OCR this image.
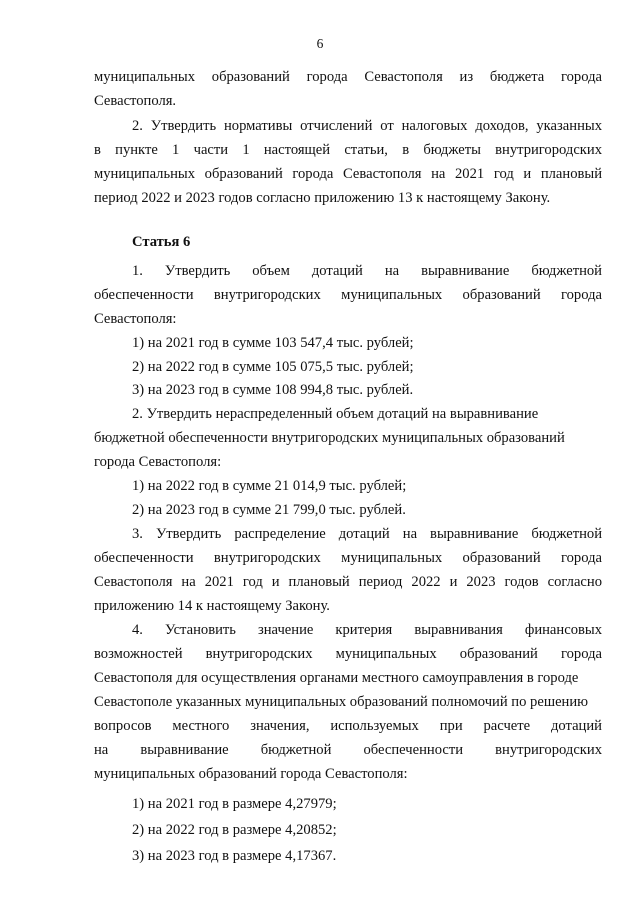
6
муниципальных образований города Севастополя из бюджета города
Севастополя.
2. Утвердить нормативы отчислений от налоговых доходов, указанных
в пункте 1 части 1 настоящей статьи, в бюджеты внутригородских
муниципальных образований города Севастополя на 2021 год и плановый
период 2022 и 2023 годов согласно приложению 13 к настоящему Закону.
Статья 6
1. Утвердить объем дотаций на выравнивание бюджетной
обеспеченности внутригородских муниципальных образований города
Севастополя:
1) на 2021 год в сумме 103 547,4 тыс. рублей;
2) на 2022 год в сумме 105 075,5 тыс. рублей;
3) на 2023 год в сумме 108 994,8 тыс. рублей.
2. Утвердить нераспределенный объем дотаций на выравнивание
бюджетной обеспеченности внутригородских муниципальных образований
города Севастополя:
1) на 2022 год в сумме 21 014,9 тыс. рублей;
2) на 2023 год в сумме 21 799,0 тыс. рублей.
3. Утвердить распределение дотаций на выравнивание бюджетной
обеспеченности внутригородских муниципальных образований города
Севастополя на 2021 год и плановый период 2022 и 2023 годов согласно
приложению 14 к настоящему Закону.
4. Установить значение критерия выравнивания финансовых
возможностей внутригородских муниципальных образований города
Севастополя для осуществления органами местного самоуправления в городе
Севастополе указанных муниципальных образований полномочий по решению
вопросов местного значения, используемых при расчете дотаций
на выравнивание бюджетной обеспеченности внутригородских
муниципальных образований города Севастополя:
1) на 2021 год в размере 4,27979;
2) на 2022 год в размере 4,20852;
3) на 2023 год в размере 4,17367.
